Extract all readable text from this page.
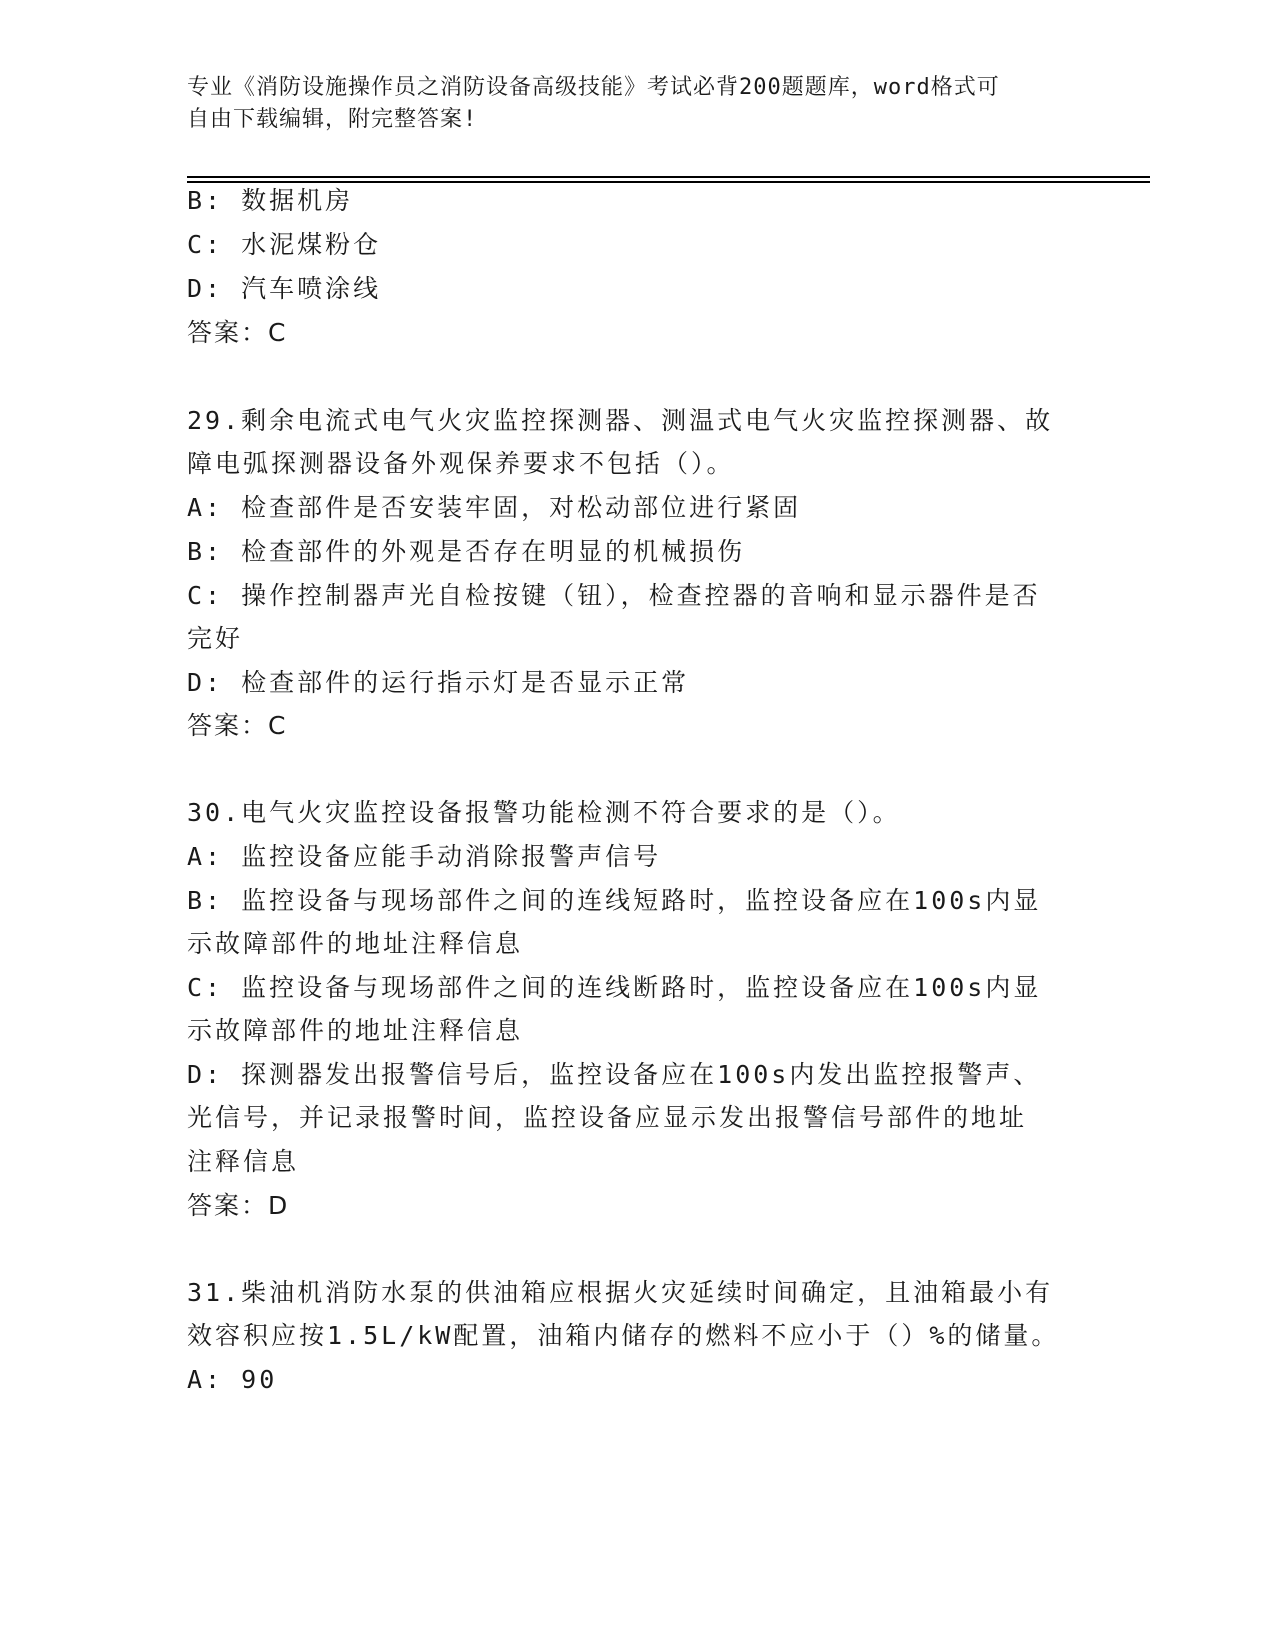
专业《消防设施操作员之消防设备高级技能》考试必背200题题库，word格式可
自由下载编辑，附完整答案!
B: 数据机房
C: 水泥煤粉仓
D: 汽车喷涂线
答案：C
29.剩余电流式电气火灾监控探测器、测温式电气火灾监控探测器、故
障电弧探测器设备外观保养要求不包括（）。
A: 检查部件是否安装牢固，对松动部位进行紧固
B: 检查部件的外观是否存在明显的机械损伤
C: 操作控制器声光自检按键（钮），检查控器的音响和显示器件是否
完好
D: 检查部件的运行指示灯是否显示正常
答案：C
30.电气火灾监控设备报警功能检测不符合要求的是（）。
A: 监控设备应能手动消除报警声信号
B: 监控设备与现场部件之间的连线短路时，监控设备应在100s内显
示故障部件的地址注释信息
C: 监控设备与现场部件之间的连线断路时，监控设备应在100s内显
示故障部件的地址注释信息
D: 探测器发出报警信号后，监控设备应在100s内发出监控报警声、
光信号，并记录报警时间，监控设备应显示发出报警信号部件的地址
注释信息
答案：D
31.柴油机消防水泵的供油箱应根据火灾延续时间确定，且油箱最小有
效容积应按1.5L/kW配置，油箱内储存的燃料不应小于（）%的储量。
A: 90
